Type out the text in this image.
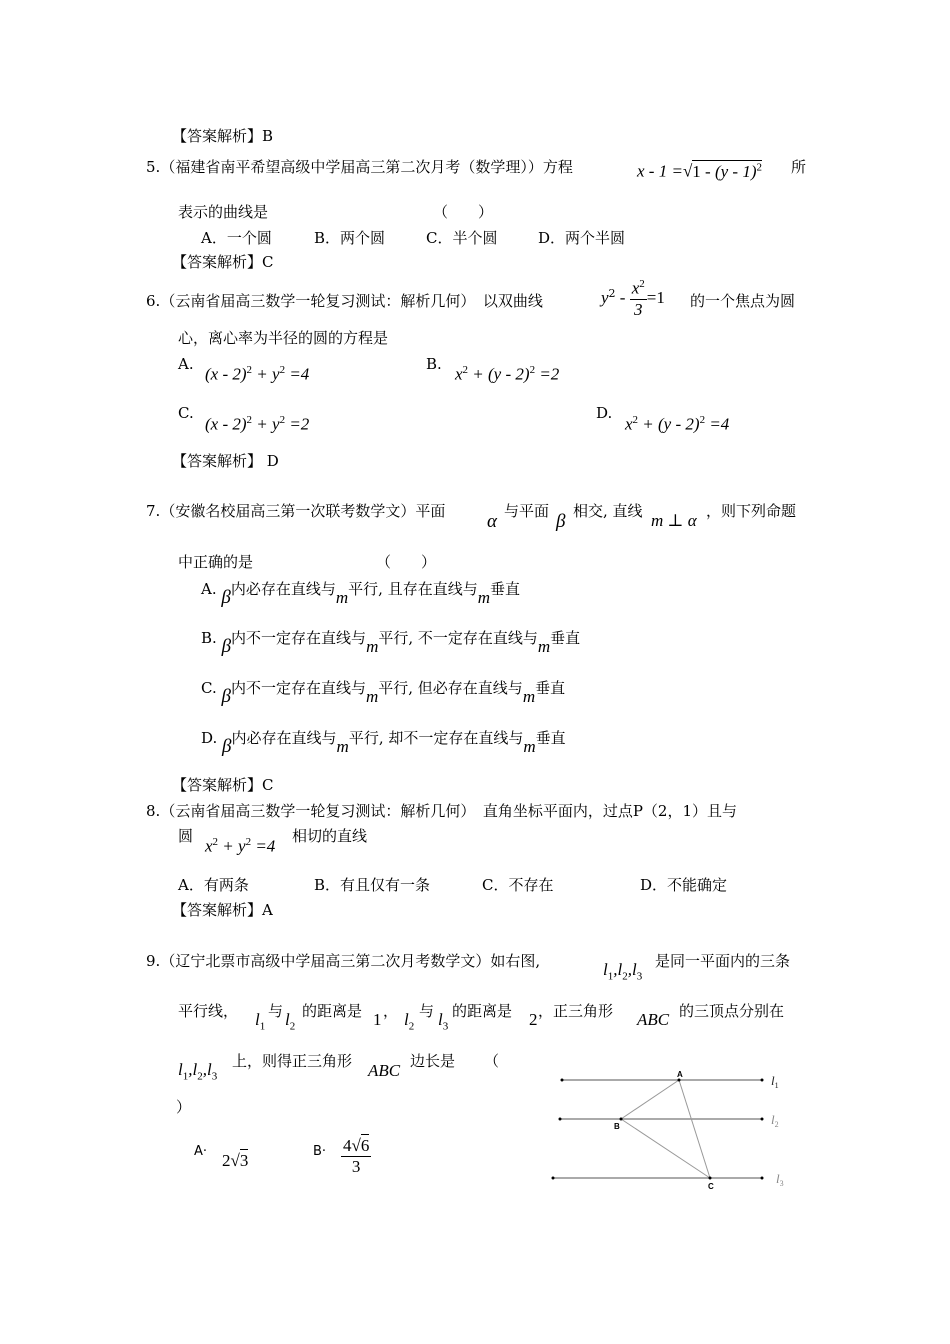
【答案解析】B
5.（福建省南平希望高级中学届高三第二次月考（数学理））方程	x - 1 =√1 - (y - 1)$^2$ 所
表示的曲线是	（　　）
A．一个圆	B．两个圆	C．半个圆	D．两个半圆
【答案解析】C
6.（云南省届高三数学一轮复习测试：解析几何）　以双曲线	$y^2 - \frac{x^2}{3} =1$ 的一个焦点为圆
心，离心率为半径的圆的方程是
A.
$(x - 2)^2 + y^2 =4$
B.
$x^2 + (y - 2)^2 =2$
C.
$(x - 2)^2 + y^2 =2$
D.
$x^2 + (y - 2)^2 =4$
【答案解析】 D
7.（安徽名校届高三第一次联考数学文）平面 α 与平面 β 相交, 直线 m ⊥ α ，则下列命题
中正确的是	（　　）
A. β内必存在直线与m平行, 且存在直线与m垂直
B. β内不一定存在直线与m平行, 不一定存在直线与m垂直
C. β内不一定存在直线与m平行, 但必存在直线与m垂直
D. β内必存在直线与m平行, 却不一定存在直线与m垂直
【答案解析】C
8.（云南省届高三数学一轮复习测试：解析几何）　直角坐标平面内，过点P（2，1）且与
圆
$x^2 + y^2 =4$
相切的直线
A．有两条	B．有且仅有一条	C．不存在	D．不能确定
【答案解析】A
9.（辽宁北票市高级中学届高三第二次月考数学文）如右图,	$l_1,l_2,l_3$
是同一平面内的三条
平行线， $l_1$
与 $l_2$
的距离是 1 ， $l_2$
与 $l_3$
的距离是 2 ，正三角形 ABC 的三顶点分别在
$l_1,l_2,l_3$
上，则得正三角形 ABC 边长是 （
）
A· 2√3	$B\cdot \frac{4√6}{3}$
A
B
C
$l_1$
$l_2$
$l_3$
